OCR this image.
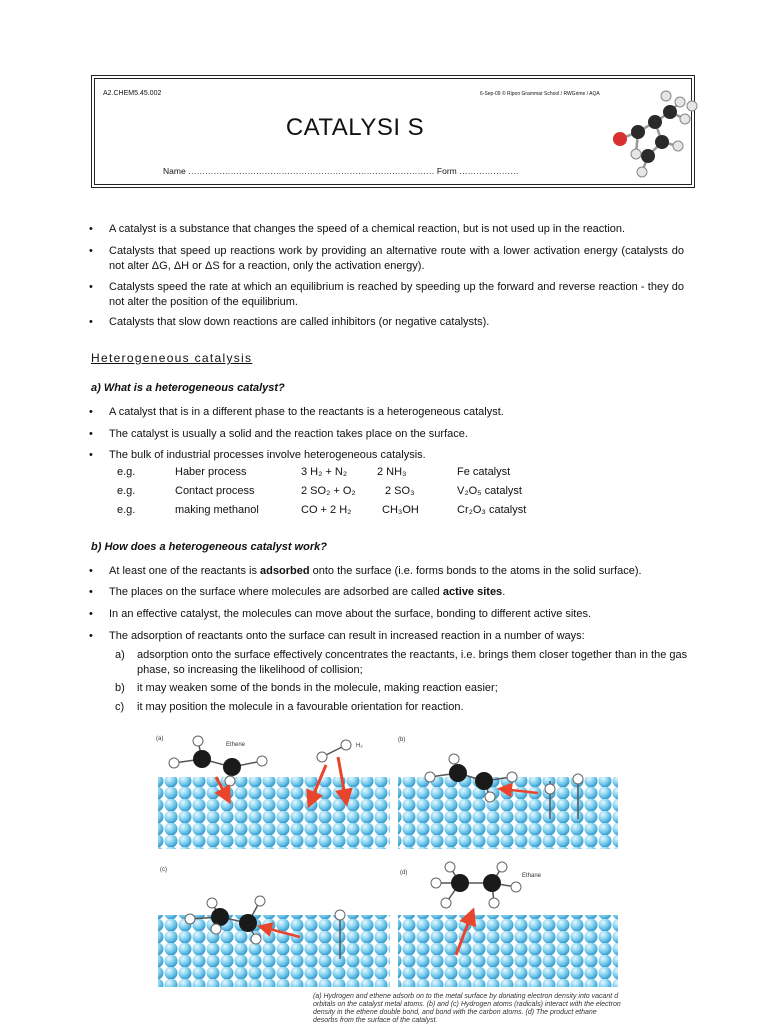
A2.CHEM5.45.002	6-Sep-09 © Ripon Grammar School / RWGrime / AQA
CATALYSI S
Name …………………………………………………………………………… Form …………………
• A catalyst is a substance that changes the speed of a chemical reaction, but is not used up in the reaction.
• Catalysts that speed up reactions work by providing an alternative route with a lower activation energy (catalysts do not alter ΔG, ΔH or ΔS for a reaction, only the activation energy).
• Catalysts speed the rate at which an equilibrium is reached by speeding up the forward and reverse reaction - they do not alter the position of the equilibrium.
• Catalysts that slow down reactions are called inhibitors (or negative catalysts).
Heterogeneous catalysis
a) What is a heterogeneous catalyst?
• A catalyst that is in a different phase to the reactants is a heterogeneous catalyst.
• The catalyst is usually a solid and the reaction takes place on the surface.
• The bulk of industrial processes involve heterogeneous catalysis.
e.g.	Haber process	3 H₂ + N₂	2 NH₃	Fe catalyst
e.g.	Contact process	2 SO₂ + O₂	2 SO₃	V₂O₅ catalyst
e.g.	making methanol	CO + 2 H₂	CH₃OH	Cr₂O₃ catalyst
b) How does a heterogeneous catalyst work?
• At least one of the reactants is adsorbed onto the surface (i.e. forms bonds to the atoms in the solid surface).
• The places on the surface where molecules are adsorbed are called active sites.
• In an effective catalyst, the molecules can move about the surface, bonding to different active sites.
• The adsorption of reactants onto the surface can result in increased reaction in a number of ways:
a) adsorption onto the surface effectively concentrates the reactants, i.e. brings them closer together than in the gas phase, so increasing the likelihood of collision;
b) it may weaken some of the bonds in the molecule, making reaction easier;
c) it may position the molecule in a favourable orientation for reaction.
(a)	(b)
(c)	(d)
Ethene	H₂
Ethane
(a) Hydrogen and ethene adsorb on to the metal surface by donating electron density into vacant d orbitals on the catalyst metal atoms. (b) and (c) Hydrogen atoms (radicals) interact with the electron density in the ethene double bond, and bond with the carbon atoms. (d) The product ethane desorbs from the surface of the catalyst.
